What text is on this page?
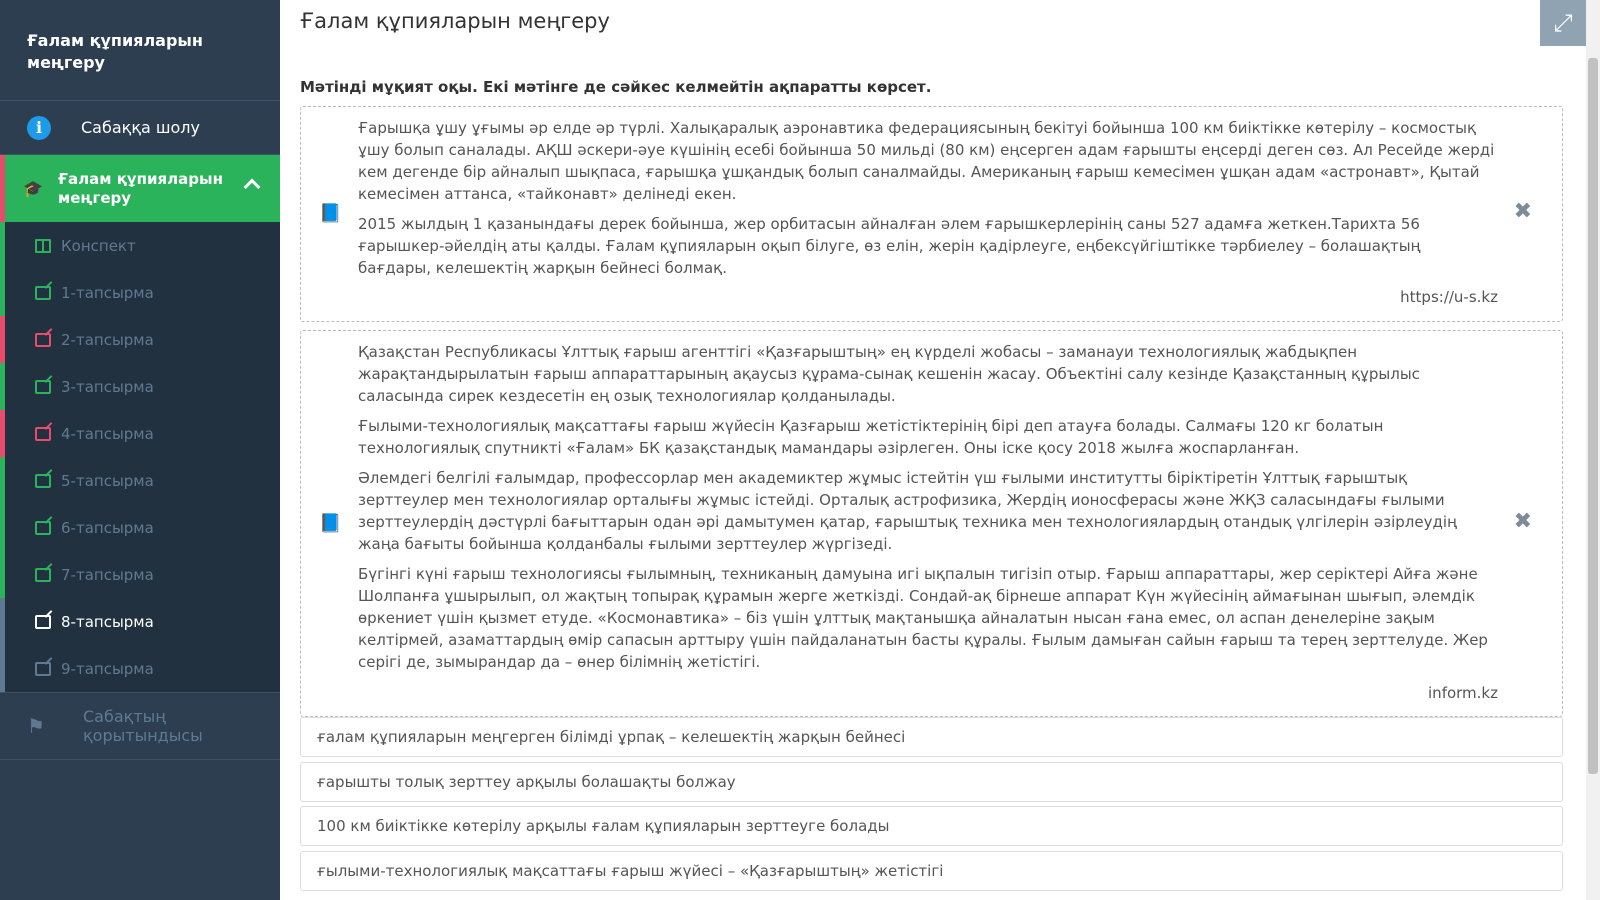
Ғалам құпияларын меңгеру
i	Сабаққа шолу
🎓
Ғалам құпияларын меңгеру
Конспект
1-тапсырма
2-тапсырма
3-тапсырма
4-тапсырма
5-тапсырма
6-тапсырма
7-тапсырма
8-тапсырма
9-тапсырма
⚑	Сабақтың қорытындысы
Ғалам құпияларын меңгеру	⤢
Мәтінді мұқият оқы. Екі мәтінге де сәйкес келмейтін ақпаратты көрсет.
📘

Ғарышқа ұшу ұғымы әр елде әр түрлі. Халықаралық аэронавтика федерациясының бекітуі бойынша 100 км биіктікке көтерілу – космостық ұшу болып саналады. АҚШ әскери-әуе күшінің есебі бойынша 50 мильді (80 км) еңсерген адам ғарышты еңсерді деген сөз. Ал Ресейде жерді кем дегенде бір айналып шықпаса, ғарышқа ұшқандық болып саналмайды. Американың ғарыш кемесімен ұшқан адам «астронавт», Қытай кемесімен аттанса, «тайконавт» делінеді екен.

2015 жылдың 1 қазанындағы дерек бойынша, жер орбитасын айналған әлем ғарышкерлерінің саны 527 адамға жеткен.Тарихта 56 ғарышкер-әйелдің аты қалды. Ғалам құпияларын оқып білуге, өз елін, жерін қадірлеуге, еңбексүйгіштікке тәрбиелеу – болашақтың бағдары, келешектің жарқын бейнесі болмақ.

✖
https://u-s.kz
📘

Қазақстан Республикасы Ұлттық ғарыш агенттігі «Қазғарыштың» ең күрделі жобасы – заманауи технологиялық жабдықпен жарақтандырылатын ғарыш аппараттарының ақаусыз құрама-сынақ кешенін жасау. Объектіні салу кезінде Қазақстанның құрылыс саласында сирек кездесетін ең озық технологиялар қолданылады.

Ғылыми-технологиялық мақсаттағы ғарыш жүйесін Қазғарыш жетістіктерінің бірі деп атауға болады. Салмағы 120 кг болатын технологиялық спутникті «Ғалам» БК қазақстандық мамандары әзірлеген. Оны іске қосу 2018 жылға жоспарланған.

Әлемдегі белгілі ғалымдар, профессорлар мен академиктер жұмыс істейтін үш ғылыми институтты біріктіретін Ұлттық ғарыштық зерттеулер мен технологиялар орталығы жұмыс істейді. Орталық астрофизика, Жердің ионосферасы және ЖҚЗ саласындағы ғылыми зерттеулердің дәстүрлі бағыттарын одан әрі дамытумен қатар, ғарыштық техника мен технологиялардың отандық үлгілерін әзірлеудің жаңа бағыты бойынша қолданбалы ғылыми зерттеулер жүргізеді.

Бүгінгі күні ғарыш технологиясы ғылымның, техниканың дамуына игі ықпалын тигізіп отыр. Ғарыш аппараттары, жер серіктері Айға және Шолпанға ұшырылып, ол жақтың топырақ құрамын жерге жеткізді. Сондай-ақ бірнеше аппарат Күн жүйесінің аймағынан шығып, әлемдік өркениет үшін қызмет етуде. «Космонавтика» – біз үшін ұлттық мақтанышқа айналатын нысан ғана емес, ол аспан денелеріне зақым келтірмей, азаматтардың өмір сапасын арттыру үшін пайдаланатын басты құралы. Ғылым дамыған сайын ғарыш та терең зерттелуде. Жер серігі де, зымырандар да – өнер білімнің жетістігі.

✖
inform.kz
ғалам құпияларын меңгерген білімді ұрпақ – келешектің жарқын бейнесі
ғарышты толық зерттеу арқылы болашақты болжау
100 км биіктікке көтерілу арқылы ғалам құпияларын зерттеуге болады
ғылыми-технологиялық мақсаттағы ғарыш жүйесі – «Қазғарыштың» жетістігі
